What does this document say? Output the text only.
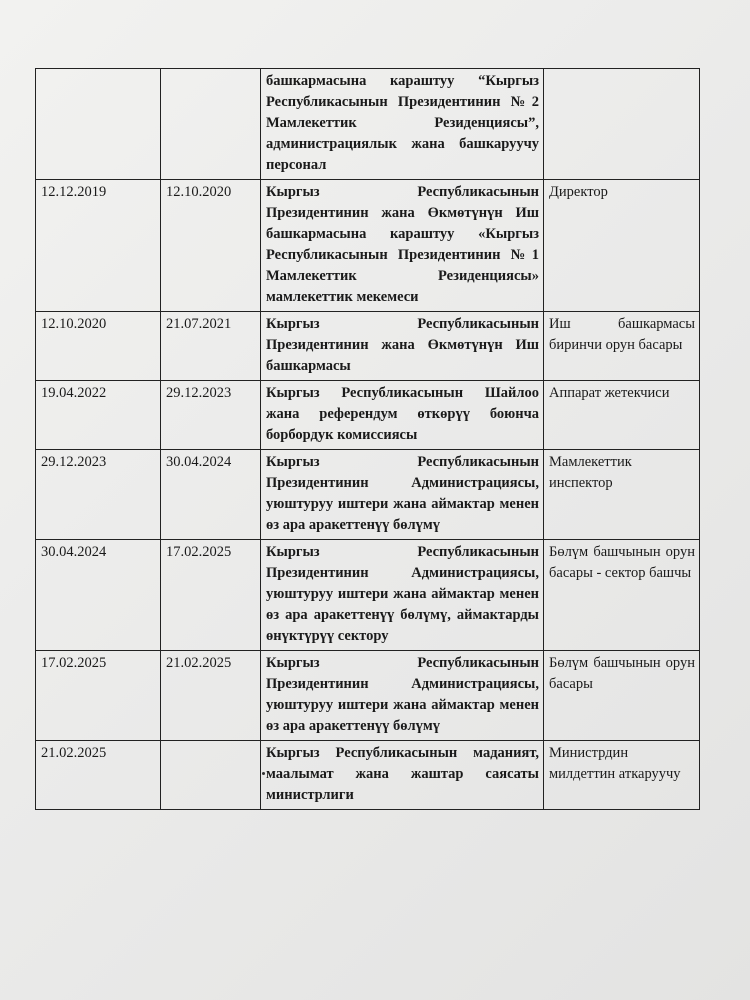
		башкармасына караштуу “Кыргыз Республикасынын Президентинин №2 Мамлекеттик Резиденциясы”, администрациялык жана башкаруучу персонал	
12.12.2019	12.10.2020	Кыргыз Республикасынын Президентинин жана Өкмөтүнүн Иш башкармасына караштуу «Кыргыз Республикасынын Президентинин №1 Мамлекеттик Резиденциясы» мамлекеттик мекемеси	Директор
12.10.2020	21.07.2021	Кыргыз Республикасынын Президентинин жана Өкмөтүнүн Иш башкармасы	Иш башкармасы биринчи орун басары
19.04.2022	29.12.2023	Кыргыз Республикасынын Шайлоо жана референдум өткөрүү боюнча борбордук комиссиясы	Аппарат жетекчиси
29.12.2023	30.04.2024	Кыргыз Республикасынын Президентинин Администрациясы, уюштуруу иштери жана аймактар менен өз ара аракеттенүү бөлүмү	Мамлекеттик инспектор
30.04.2024	17.02.2025	Кыргыз Республикасынын Президентинин Администрациясы, уюштуруу иштери жана аймактар менен өз ара аракеттенүү бөлүмү, аймактарды өнүктүрүү сектору	Бөлүм башчынын орун басары - сектор башчы
17.02.2025	21.02.2025	Кыргыз Республикасынын Президентинин Администрациясы, уюштуруу иштери жана аймактар менен өз ара аракеттенүү бөлүмү	Бөлүм башчынын орун басары
21.02.2025		Кыргыз Республикасынын маданият, маалымат жана жаштар саясаты министрлиги	Министрдин милдеттин аткаруучу
